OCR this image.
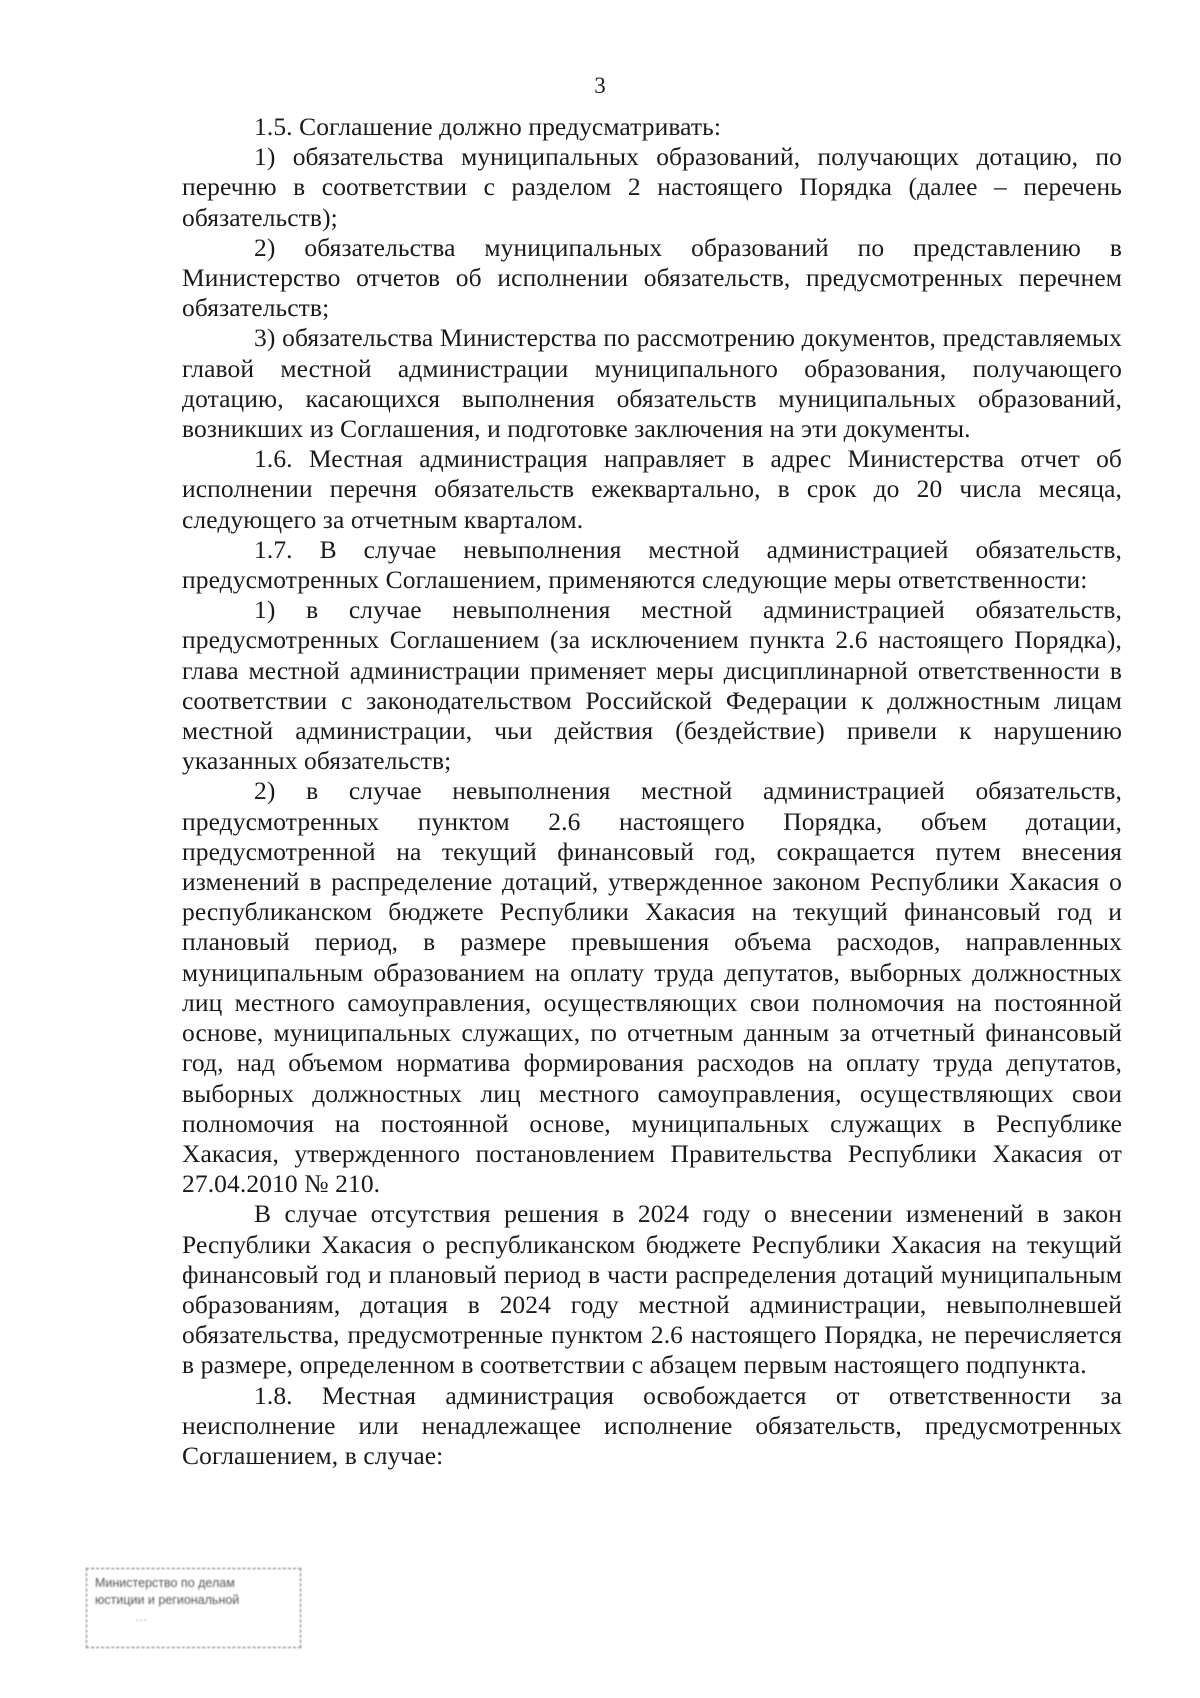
3

1.5. Соглашение должно предусматривать:

1) обязательства муниципальных образований, получающих дотацию, по перечню в соответствии с разделом 2 настоящего Порядка (далее – перечень обязательств);

2) обязательства муниципальных образований по представлению в Министерство отчетов об исполнении обязательств, предусмотренных перечнем обязательств;

3) обязательства Министерства по рассмотрению документов, представляемых главой местной администрации муниципального образования, получающего дотацию, касающихся выполнения обязательств муниципальных образований, возникших из Соглашения, и подготовке заключения на эти документы.

1.6. Местная администрация направляет в адрес Министерства отчет об исполнении перечня обязательств ежеквартально, в срок до 20 числа месяца, следующего за отчетным кварталом.

1.7. В случае невыполнения местной администрацией обязательств, предусмотренных Соглашением, применяются следующие меры ответственности:

1) в случае невыполнения местной администрацией обязательств, предусмотренных Соглашением (за исключением пункта 2.6 настоящего Порядка), глава местной администрации применяет меры дисциплинарной ответственности в соответствии с законодательством Российской Федерации к должностным лицам местной администрации, чьи действия (бездействие) привели к нарушению указанных обязательств;

2) в случае невыполнения местной администрацией обязательств, предусмотренных пунктом 2.6 настоящего Порядка, объем дотации, предусмотренной на текущий финансовый год, сокращается путем внесения изменений в распределение дотаций, утвержденное законом Республики Хакасия о республиканском бюджете Республики Хакасия на текущий финансовый год и плановый период, в размере превышения объема расходов, направленных муниципальным образованием на оплату труда депутатов, выборных должностных лиц местного самоуправления, осуществляющих свои полномочия на постоянной основе, муниципальных служащих, по отчетным данным за отчетный финансовый год, над объемом норматива формирования расходов на оплату труда депутатов, выборных должностных лиц местного самоуправления, осуществляющих свои полномочия на постоянной основе, муниципальных служащих в Республике Хакасия, утвержденного постановлением Правительства Республики Хакасия от 27.04.2010 № 210.

В случае отсутствия решения в 2024 году о внесении изменений в закон Республики Хакасия о республиканском бюджете Республики Хакасия на текущий финансовый год и плановый период в части распределения дотаций муниципальным образованиям, дотация в 2024 году местной администрации, невыполневшей обязательства, предусмотренные пунктом 2.6 настоящего Порядка, не перечисляется в размере, определенном в соответствии с абзацем первым настоящего подпункта.

1.8. Местная администрация освобождается от ответственности за неисполнение или ненадлежащее исполнение обязательств, предусмотренных Соглашением, в случае:

Министерство по делам
юстиции и региональной
…
